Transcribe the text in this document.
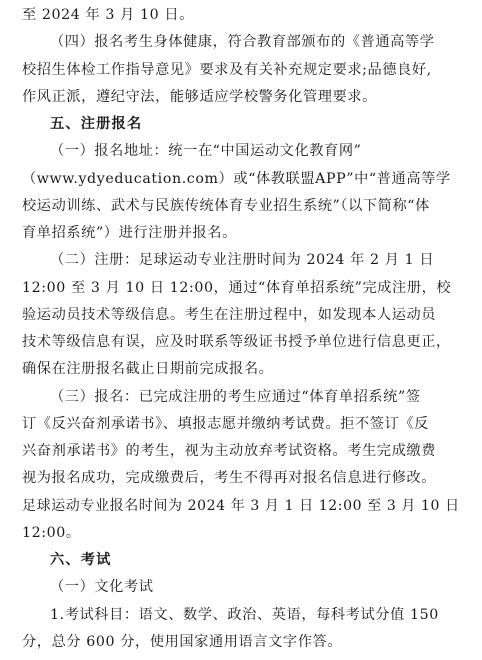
至 2024 年 3 月 10 日。
（四）报名考生身体健康，符合教育部颁布的《普通高等学
校招生体检工作指导意见》要求及有关补充规定要求;品德良好,
作风正派，遵纪守法，能够适应学校警务化管理要求。
五、注册报名
（一）报名地址：统一在“中国运动文化教育网”
（www.ydyeducation.com）或“体教联盟APP”中“普通高等学
校运动训练、武术与民族传统体育专业招生系统”（以下简称“体
育单招系统”）进行注册并报名。
（二）注册：足球运动专业注册时间为 2024 年 2 月 1 日
12:00 至 3 月 10 日 12:00，通过“体育单招系统”完成注册，校
验运动员技术等级信息。考生在注册过程中，如发现本人运动员
技术等级信息有误，应及时联系等级证书授予单位进行信息更正，
确保在注册报名截止日期前完成报名。
（三）报名：已完成注册的考生应通过“体育单招系统”签
订《反兴奋剂承诺书》、填报志愿并缴纳考试费。拒不签订《反
兴奋剂承诺书》的考生，视为主动放弃考试资格。考生完成缴费
视为报名成功，完成缴费后，考生不得再对报名信息进行修改。
足球运动专业报名时间为 2024 年 3 月 1 日 12:00 至 3 月 10 日
12:00。
六、考试
（一）文化考试
1.考试科目：语文、数学、政治、英语，每科考试分值 150
分，总分 600 分，使用国家通用语言文字作答。
